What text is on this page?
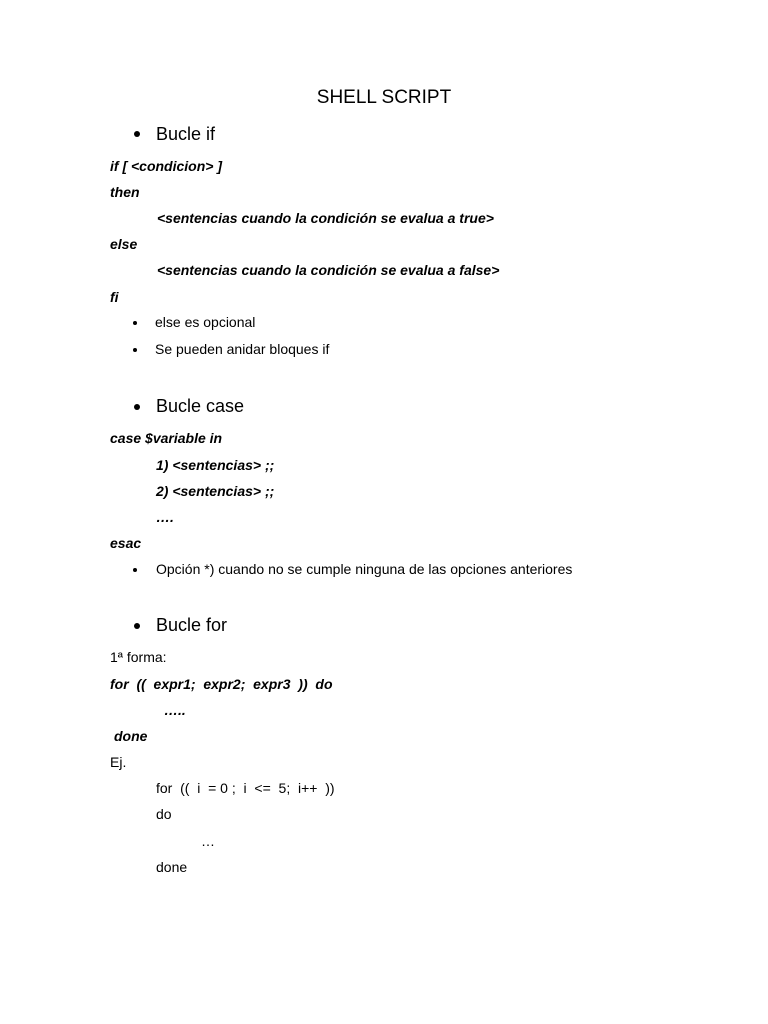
SHELL SCRIPT
Bucle if
if [ <condicion> ]
then
<sentencias cuando la condición se evalua a true>
else
<sentencias cuando la condición se evalua a false>
fi
else es opcional
Se pueden anidar bloques if
Bucle case
case $variable in
1) <sentencias> ;;
2) <sentencias> ;;
….
esac
Opción *) cuando no se cumple ninguna de las opciones anteriores
Bucle for
1ª forma:
for  ((  expr1;  expr2;  expr3  ))  do
…..
done
Ej.
for  ((  i  = 0 ;  i  <=  5;  i++  ))
do
…
done
